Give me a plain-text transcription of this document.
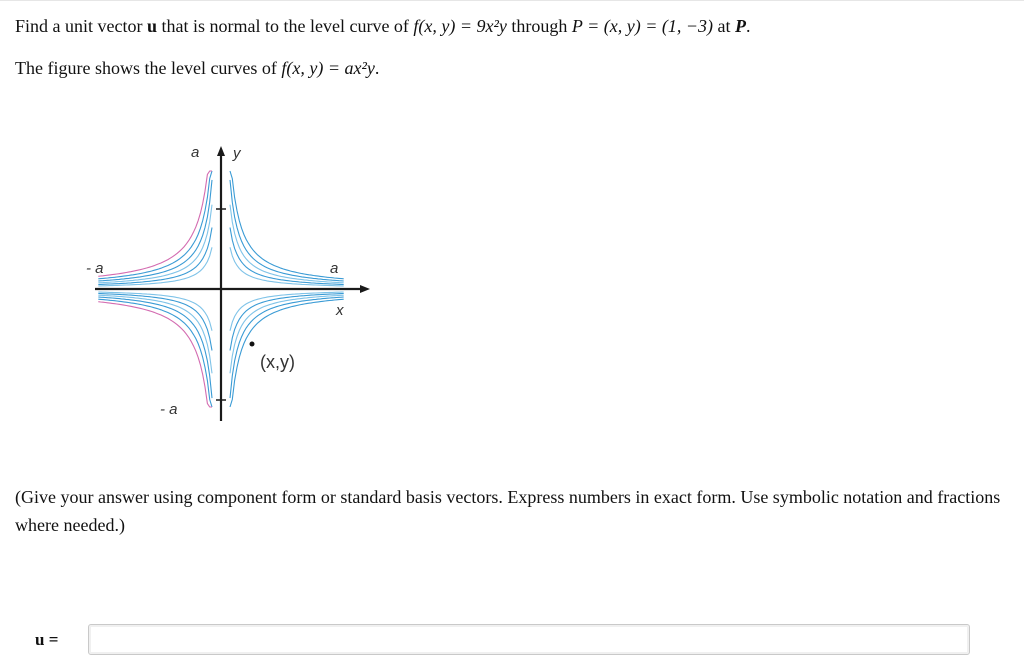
Find a unit vector u that is normal to the level curve of f(x, y) = 9x²y through P = (x, y) = (1, −3) at P.
The figure shows the level curves of f(x, y) = ax²y.
a y
- a	a
x
(x,y)
- a
(Give your answer using component form or standard basis vectors. Express numbers in exact form. Use symbolic notation and fractions where needed.)
u =
